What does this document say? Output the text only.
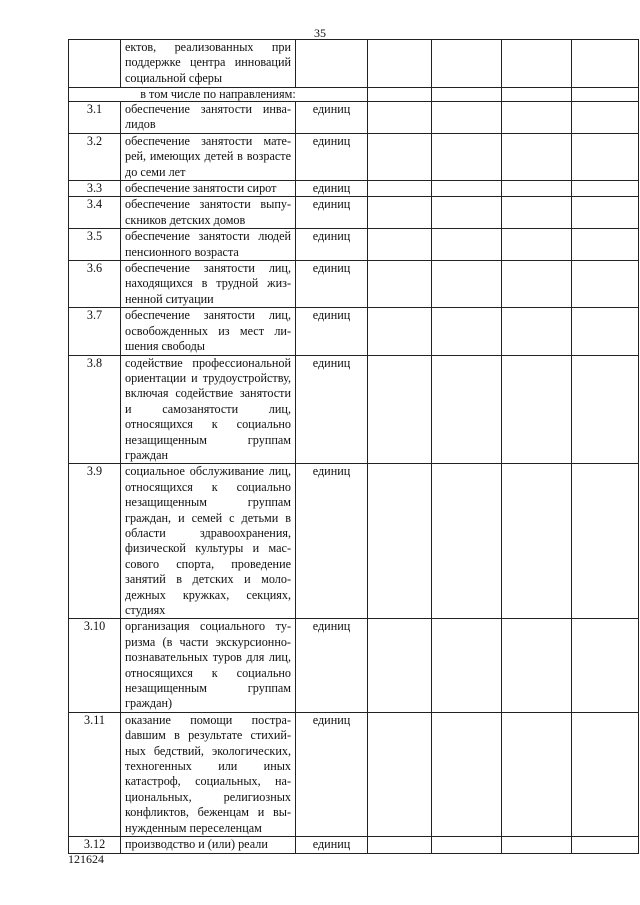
35
	ектов, реализованных при поддержке центра инноваций социальной сферы					
в том числе по направлениям:						
3.1	обеспечение занятости инвалидов	единиц				
3.2	обеспечение занятости матерей, имеющих детей в возрасте до семи лет	единиц				
3.3	обеспечение занятости сирот	единиц				
3.4	обеспечение занятости выпускников детских домов	единиц				
3.5	обеспечение занятости людей пенсионного возраста	единиц				
3.6	обеспечение занятости лиц, находящихся в трудной жизненной ситуации	единиц				
3.7	обеспечение занятости лиц, освобожденных из мест лишения свободы	единиц				
3.8	содействие профессиональной ориентации и трудоустройству, включая содействие занятости и самозанятости лиц, относящихся к социально незащищенным группам граждан	единиц				
3.9	социальное обслуживание лиц, относящихся к социально незащищенным группам граждан, и семей с детьми в области здравоохранения, физической культуры и массового спорта, проведение занятий в детских и молодежных кружках, секциях, студиях	единиц				
3.10	организация социального туризма (в части экскурсионно-познавательных туров для лиц, относящихся к социально незащищенным группам граждан)	единиц				
3.11	оказание помощи постраdавшим в результате стихийных бедствий, экологических, техногенных или иных катастроф, социальных, национальных, религиозных конфликтов, беженцам и вынужденным переселенцам	единиц				
3.12	производство и (или) реали	единиц				
121624
